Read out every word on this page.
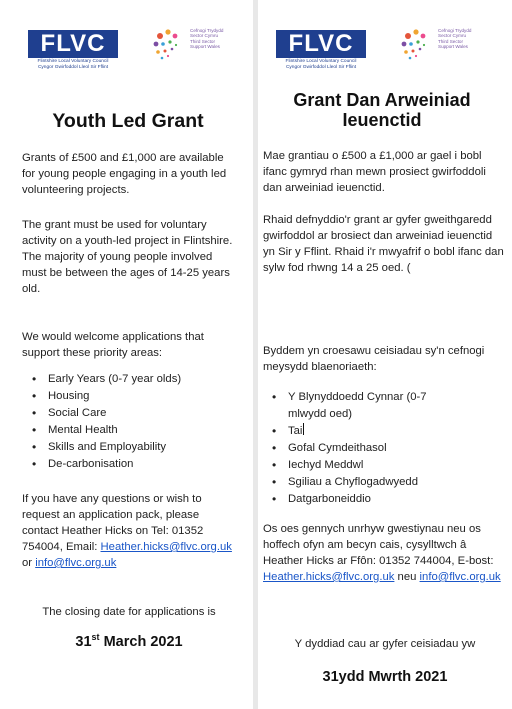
FLVC
Flintshire Local Voluntary Council
Cyngor Gwirfoddol Lleol Sir Fflint
Cefnogi Trydydd
Sector Cymru
Third Sector
Support Wales
Youth Led Grant
Grants of £500 and £1,000 are available for young people engaging in a youth led volunteering projects.
The grant must be used for voluntary activity on a youth-led project in Flintshire. The majority of young people involved must be between the ages of 14-25 years old.
We would welcome applications that support these priority areas:
• Early Years (0-7 year olds)
• Housing
• Social Care
• Mental Health
• Skills and Employability
• De-carbonisation
If you have any questions or wish to request an application pack, please contact Heather Hicks on Tel: 01352 754004, Email: Heather.hicks@flvc.org.uk or info@flvc.org.uk
The closing date for applications is
31st March 2021
FLVC
Flintshire Local Voluntary Council
Cyngor Gwirfoddol Lleol Sir Fflint
Cefnogi Trydydd
Sector Cymru
Third Sector
Support Wales
Grant Dan Arweiniad
Ieuenctid
Mae grantiau o £500 a £1,000 ar gael i bobl ifanc gymryd rhan mewn prosiect gwirfoddoli dan arweiniad ieuenctid.
Rhaid defnyddio'r grant ar gyfer gweithgaredd gwirfoddol ar brosiect dan arweiniad ieuenctid yn Sir y Fflint. Rhaid i'r mwyafrif o bobl ifanc dan sylw fod rhwng 14 a 25 oed. (
Byddem yn croesawu ceisiadau sy'n cefnogi meysydd blaenoriaeth:
• Y Blynyddoedd Cynnar (0-7 mlwydd oed)
• Tai
• Gofal Cymdeithasol
• Iechyd Meddwl
• Sgiliau a Chyflogadwyedd
• Datgarboneiddio
Os oes gennych unrhyw gwestiynau neu os hoffech ofyn am becyn cais, cysylltwch â Heather Hicks ar Ffôn: 01352 744004, E-bost: Heather.hicks@flvc.org.uk neu info@flvc.org.uk
Y dyddiad cau ar gyfer ceisiadau yw
31ydd Mwrth 2021
